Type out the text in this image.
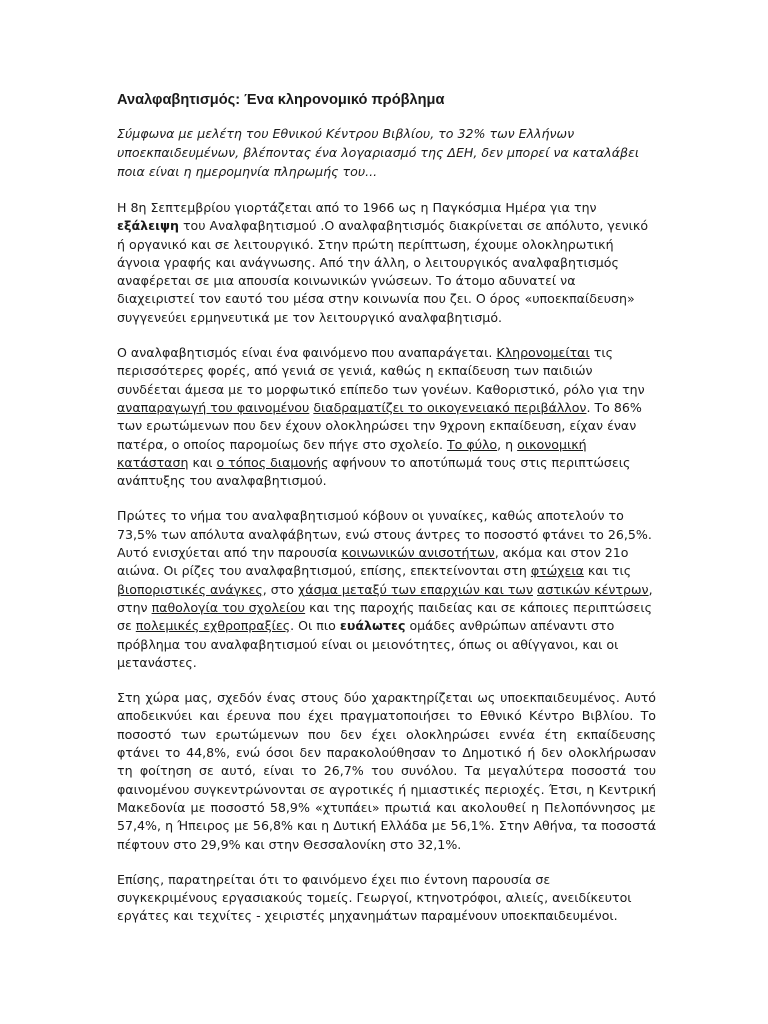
Αναλφαβητισμός: Ένα κληρονομικό πρόβλημα
Σύμφωνα με μελέτη του Εθνικού Κέντρου Βιβλίου, το 32% των Ελλήνων
υποεκπαιδευμένων, βλέποντας ένα λογαριασμό της ΔΕΗ, δεν μπορεί να καταλάβει
ποια είναι η ημερομηνία πληρωμής του...
Η 8η Σεπτεμβρίου γιορτάζεται από το 1966 ως η Παγκόσμια Ημέρα για την
εξάλειψη του Αναλφαβητισμού .Ο αναλφαβητισμός διακρίνεται σε απόλυτο, γενικό
ή οργανικό και σε λειτουργικό. Στην πρώτη περίπτωση, έχουμε ολοκληρωτική
άγνοια γραφής και ανάγνωσης. Από την άλλη, ο λειτουργικός αναλφαβητισμός
αναφέρεται σε μια απουσία κοινωνικών γνώσεων. Το άτομο αδυνατεί να
διαχειριστεί τον εαυτό του μέσα στην κοινωνία που ζει. Ο όρος «υποεκπαίδευση»
συγγενεύει ερμηνευτικά με τον λειτουργικό αναλφαβητισμό.
Ο αναλφαβητισμός είναι ένα φαινόμενο που αναπαράγεται. Κληρονομείται τις
περισσότερες φορές, από γενιά σε γενιά, καθώς η εκπαίδευση των παιδιών
συνδέεται άμεσα με το μορφωτικό επίπεδο των γονέων. Καθοριστικό, ρόλο για την
αναπαραγωγή του φαινομένου διαδραματίζει το οικογενειακό περιβάλλον. Το 86%
των ερωτώμενων που δεν έχουν ολοκληρώσει την 9χρονη εκπαίδευση, είχαν έναν
πατέρα, ο οποίος παρομοίως δεν πήγε στο σχολείο. Το φύλο, η οικονομική
κατάσταση και ο τόπος διαμονής αφήνουν το αποτύπωμά τους στις περιπτώσεις
ανάπτυξης του αναλφαβητισμού.
Πρώτες το νήμα του αναλφαβητισμού κόβουν οι γυναίκες, καθώς αποτελούν το
73,5% των απόλυτα αναλφάβητων, ενώ στους άντρες το ποσοστό φτάνει το 26,5%.
Αυτό ενισχύεται από την παρουσία κοινωνικών ανισοτήτων, ακόμα και στον 21ο
αιώνα. Οι ρίζες του αναλφαβητισμού, επίσης, επεκτείνονται στη φτώχεια και τις
βιοποριστικές ανάγκες, στο χάσμα μεταξύ των επαρχιών και των αστικών κέντρων,
στην παθολογία του σχολείου και της παροχής παιδείας και σε κάποιες περιπτώσεις
σε πολεμικές εχθροπραξίες. Οι πιο ευάλωτες ομάδες ανθρώπων απέναντι στο
πρόβλημα του αναλφαβητισμού είναι οι μειονότητες, όπως οι αθίγγανοι, και οι
μετανάστες.
Στη χώρα μας, σχεδόν ένας στους δύο χαρακτηρίζεται ως υποεκπαιδευμένος. Αυτό
αποδεικνύει και έρευνα που έχει πραγματοποιήσει το Εθνικό Κέντρο Βιβλίου. Το
ποσοστό των ερωτώμενων που δεν έχει ολοκληρώσει εννέα έτη εκπαίδευσης
φτάνει το 44,8%, ενώ όσοι δεν παρακολούθησαν το Δημοτικό ή δεν ολοκλήρωσαν
τη φοίτηση σε αυτό, είναι το 26,7% του συνόλου. Τα μεγαλύτερα ποσοστά του
φαινομένου συγκεντρώνονται σε αγροτικές ή ημιαστικές περιοχές. Έτσι, η Κεντρική
Μακεδονία με ποσοστό 58,9% «χτυπάει» πρωτιά και ακολουθεί η Πελοπόννησος με
57,4%, η Ήπειρος με 56,8% και η Δυτική Ελλάδα με 56,1%. Στην Αθήνα, τα ποσοστά
πέφτουν στο 29,9% και στην Θεσσαλονίκη στο 32,1%.
Επίσης, παρατηρείται ότι το φαινόμενο έχει πιο έντονη παρουσία σε
συγκεκριμένους εργασιακούς τομείς. Γεωργοί, κτηνοτρόφοι, αλιείς, ανειδίκευτοι
εργάτες και τεχνίτες - χειριστές μηχανημάτων παραμένουν υποεκπαιδευμένοι.
